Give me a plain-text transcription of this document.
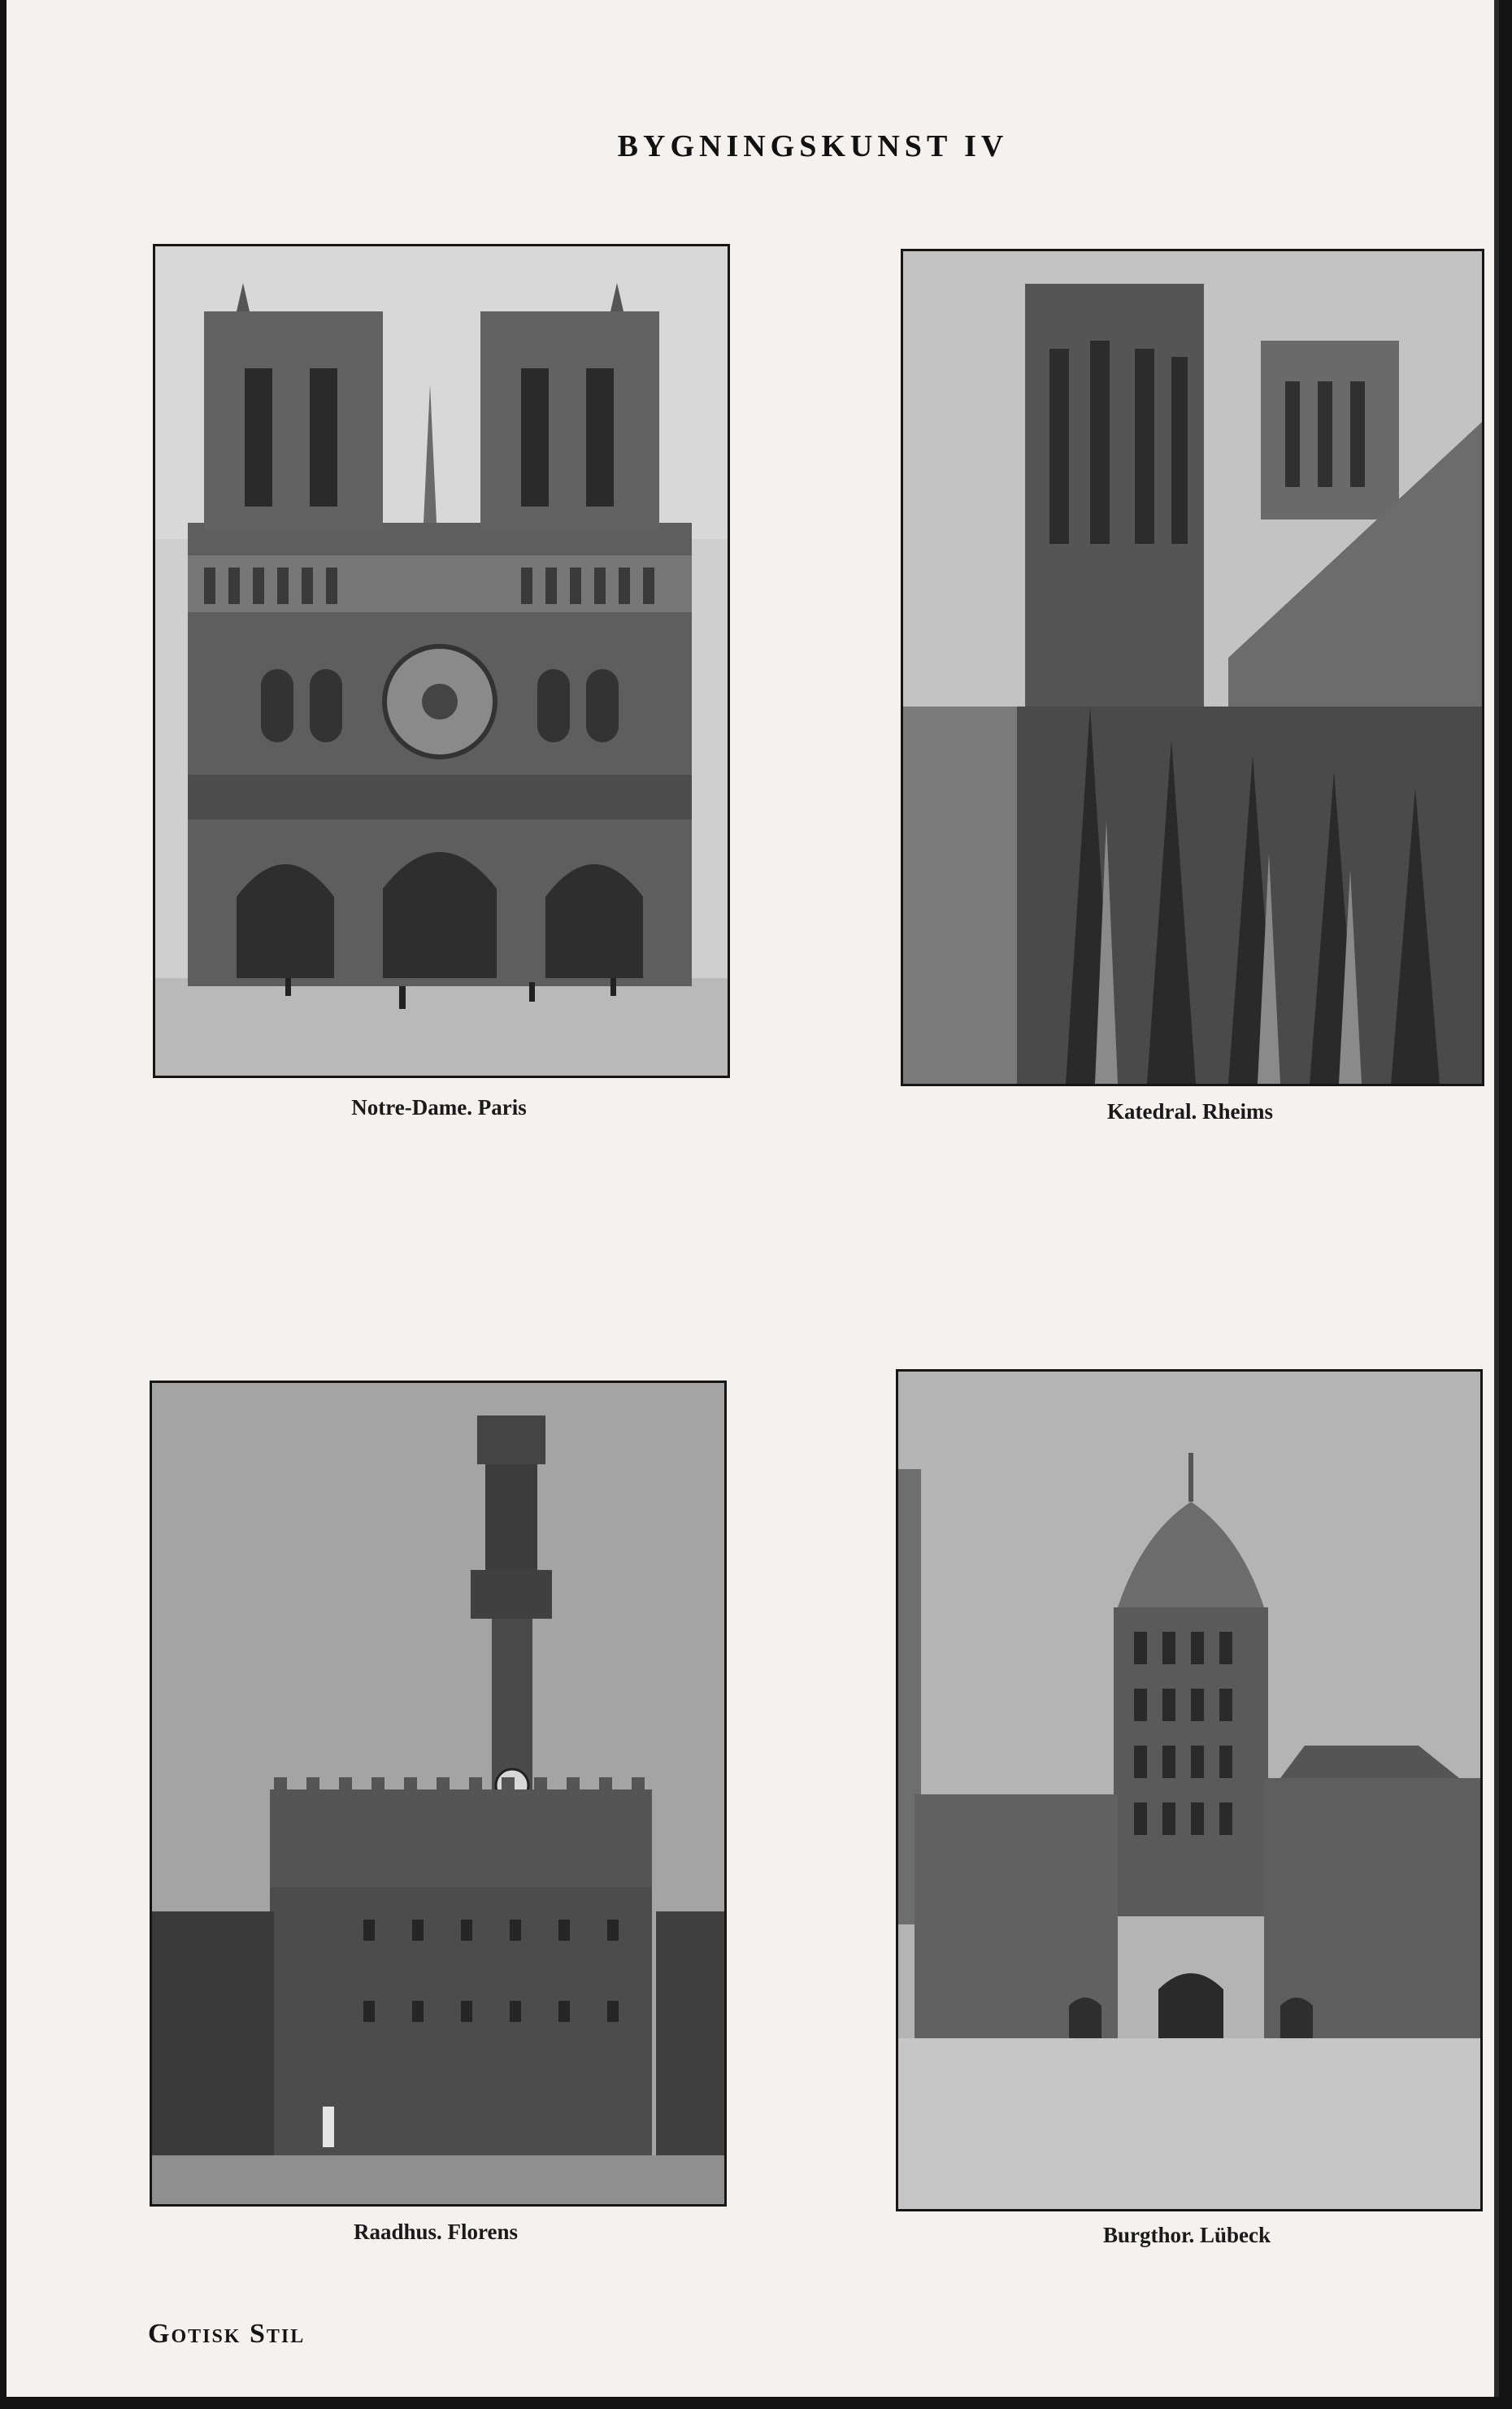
BYGNINGSKUNST IV
Notre-Dame. Paris	Katedral. Rheims
Raadhus. Florens	Burgthor. Lübeck
Gotisk Stil
